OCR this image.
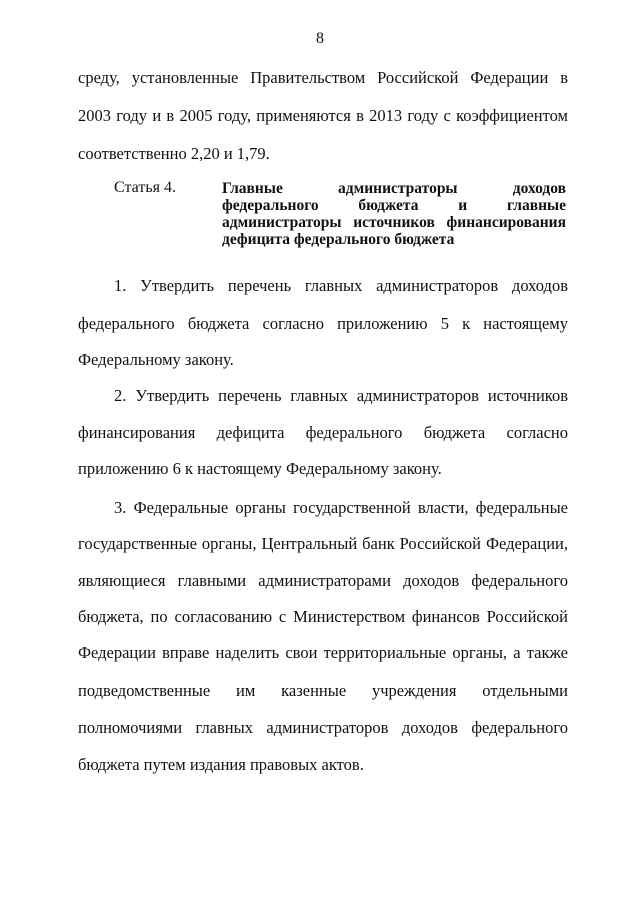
8
среду, установленные Правительством Российской Федерации в
2003 году и в 2005 году, применяются в 2013 году с коэффициентом
соответственно 2,20 и 1,79.
Статья 4.	Главные администраторы доходов
федерального бюджета и главные
администраторы источников финансирования
дефицита федерального бюджета
1. Утвердить перечень главных администраторов доходов
федерального бюджета согласно приложению 5 к настоящему
Федеральному закону.
2. Утвердить перечень главных администраторов источников
финансирования дефицита федерального бюджета согласно
приложению 6 к настоящему Федеральному закону.
3. Федеральные органы государственной власти, федеральные
государственные органы, Центральный банк Российской Федерации,
являющиеся главными администраторами доходов федерального
бюджета, по согласованию с Министерством финансов Российской
Федерации вправе наделить свои территориальные органы, а также
подведомственные им казенные учреждения отдельными
полномочиями главных администраторов доходов федерального
бюджета путем издания правовых актов.
